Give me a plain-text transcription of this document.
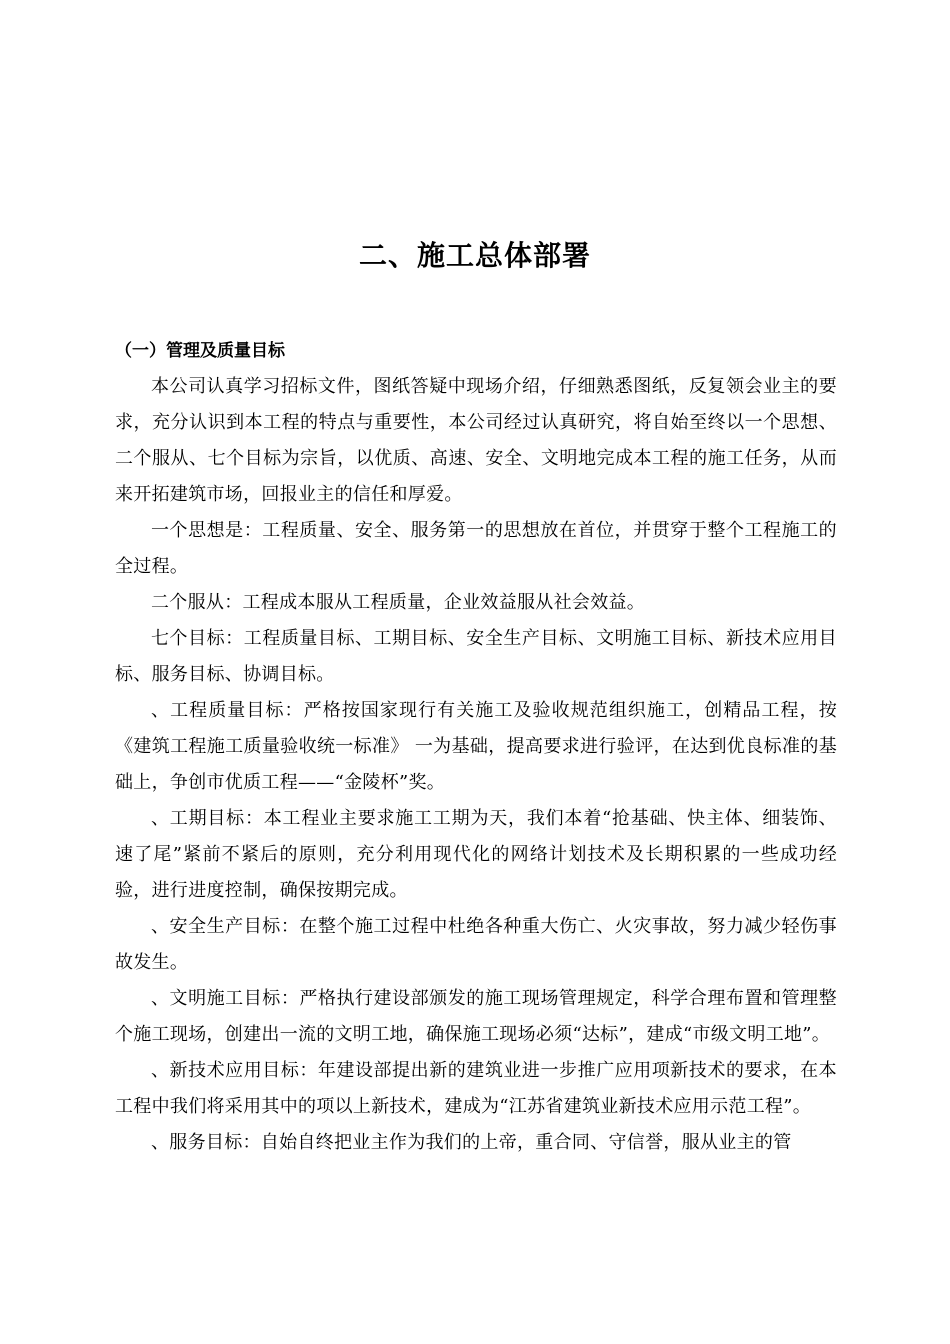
二、施工总体部署
（一）管理及质量目标

本公司认真学习招标文件，图纸答疑中现场介绍，仔细熟悉图纸，反复领会业主的要求，充分认识到本工程的特点与重要性，本公司经过认真研究，将自始至终以一个思想、二个服从、七个目标为宗旨，以优质、高速、安全、文明地完成本工程的施工任务，从而来开拓建筑市场，回报业主的信任和厚爱。

一个思想是：工程质量、安全、服务第一的思想放在首位，并贯穿于整个工程施工的全过程。

二个服从：工程成本服从工程质量，企业效益服从社会效益。

七个目标：工程质量目标、工期目标、安全生产目标、文明施工目标、新技术应用目标、服务目标、协调目标。

、工程质量目标：严格按国家现行有关施工及验收规范组织施工，创精品工程，按《建筑工程施工质量验收统一标准》 一为基础，提高要求进行验评，在达到优良标准的基础上，争创市优质工程——“金陵杯”奖。

、工期目标：本工程业主要求施工工期为天，我们本着“抢基础、快主体、细装饰、速了尾”紧前不紧后的原则，充分利用现代化的网络计划技术及长期积累的一些成功经验，进行进度控制，确保按期完成。

、安全生产目标：在整个施工过程中杜绝各种重大伤亡、火灾事故，努力减少轻伤事故发生。

、文明施工目标：严格执行建设部颁发的施工现场管理规定，科学合理布置和管理整个施工现场，创建出一流的文明工地，确保施工现场必须“达标”，建成“市级文明工地”。

、新技术应用目标：年建设部提出新的建筑业进一步推广应用项新技术的要求，在本工程中我们将采用其中的项以上新技术，建成为“江苏省建筑业新技术应用示范工程”。

、服务目标：自始自终把业主作为我们的上帝，重合同、守信誉，服从业主的管
